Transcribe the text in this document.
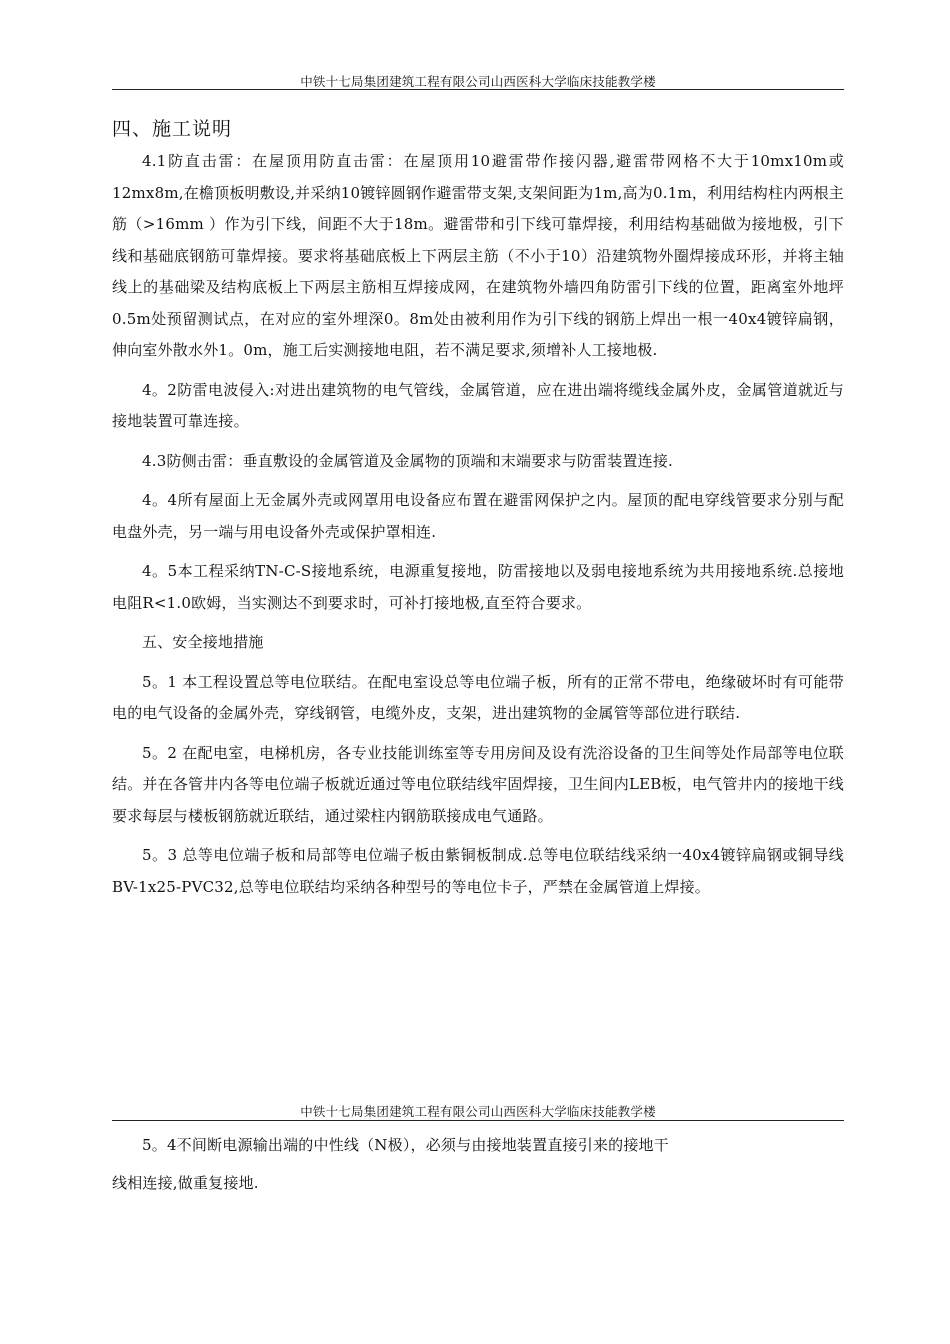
中铁十七局集团建筑工程有限公司山西医科大学临床技能教学楼
四、施工说明

4.1防直击雷：在屋顶用防直击雷：在屋顶用10避雷带作接闪器,避雷带网格不大于10mx10m或12mx8m,在檐顶板明敷设,并采纳10镀锌圆钢作避雷带支架,支架间距为1m,高为0.1m，利用结构柱内两根主筋（>16mm ）作为引下线，间距不大于18m。避雷带和引下线可靠焊接，利用结构基础做为接地极，引下线和基础底钢筋可靠焊接。要求将基础底板上下两层主筋（不小于10）沿建筑物外圈焊接成环形，并将主轴线上的基础梁及结构底板上下两层主筋相互焊接成网，在建筑物外墙四角防雷引下线的位置，距离室外地坪0.5m处预留测试点，在对应的室外埋深0。8m处由被利用作为引下线的钢筋上焊出一根一40x4镀锌扁钢，伸向室外散水外1。0m，施工后实测接地电阻，若不满足要求,须增补人工接地极.

4。2防雷电波侵入:对进出建筑物的电气管线，金属管道，应在进出端将缆线金属外皮，金属管道就近与接地装置可靠连接。

4.3防侧击雷：垂直敷设的金属管道及金属物的顶端和末端要求与防雷装置连接.

4。4所有屋面上无金属外壳或网罩用电设备应布置在避雷网保护之内。屋顶的配电穿线管要求分别与配电盘外壳，另一端与用电设备外壳或保护罩相连.

4。5本工程采纳TN-C-S接地系统，电源重复接地，防雷接地以及弱电接地系统为共用接地系统.总接地电阻R<1.0欧姆，当实测达不到要求时，可补打接地极,直至符合要求。

五、安全接地措施

5。1 本工程设置总等电位联结。在配电室设总等电位端子板，所有的正常不带电，绝缘破坏时有可能带电的电气设备的金属外壳，穿线钢管，电缆外皮，支架，进出建筑物的金属管等部位进行联结.

5。2 在配电室，电梯机房，各专业技能训练室等专用房间及设有洗浴设备的卫生间等处作局部等电位联结。并在各管井内各等电位端子板就近通过等电位联结线牢固焊接，卫生间内LEB板，电气管井内的接地干线要求每层与楼板钢筋就近联结，通过梁柱内钢筋联接成电气通路。

5。3 总等电位端子板和局部等电位端子板由紫铜板制成.总等电位联结线采纳一40x4镀锌扁钢或铜导线BV-1x25-PVC32,总等电位联结均采纳各种型号的等电位卡子，严禁在金属管道上焊接。

中铁十七局集团建筑工程有限公司山西医科大学临床技能教学楼

5。4不间断电源输出端的中性线（N极），必须与由接地装置直接引来的接地干

线相连接,做重复接地.
